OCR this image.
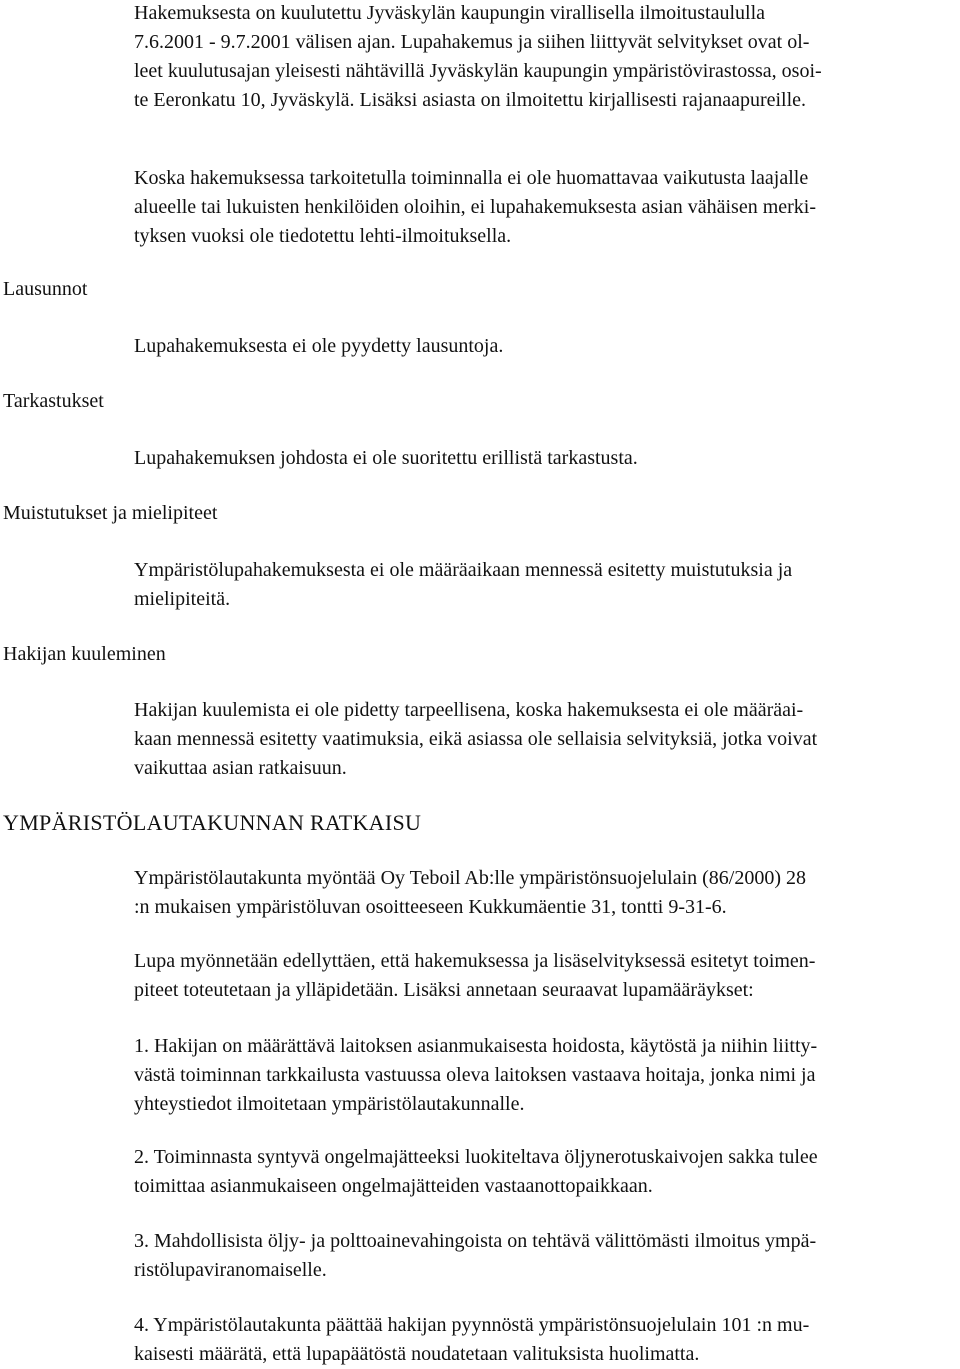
Hakemuksesta on kuulutettu Jyväskylän kaupungin virallisella ilmoitustaululla
7.6.2001 - 9.7.2001 välisen ajan. Lupahakemus ja siihen liittyvät selvitykset ovat ol-
leet kuulutusajan yleisesti nähtävillä Jyväskylän kaupungin ympäristövirastossa, osoi-
te Eeronkatu 10, Jyväskylä. Lisäksi asiasta on ilmoitettu kirjallisesti rajanaapureille.

Koska hakemuksessa tarkoitetulla toiminnalla ei ole huomattavaa vaikutusta laajalle
alueelle tai lukuisten henkilöiden oloihin, ei lupahakemuksesta asian vähäisen merki-
tyksen vuoksi ole tiedotettu lehti-ilmoituksella.

Lausunnot

Lupahakemuksesta ei ole pyydetty lausuntoja.

Tarkastukset

Lupahakemuksen johdosta ei ole suoritettu erillistä tarkastusta.

Muistutukset ja mielipiteet

Ympäristölupahakemuksesta ei ole määräaikaan mennessä esitetty muistutuksia ja
mielipiteitä.

Hakijan kuuleminen

Hakijan kuulemista ei ole pidetty tarpeellisena, koska hakemuksesta ei ole määräai-
kaan mennessä esitetty vaatimuksia, eikä asiassa ole sellaisia selvityksiä, jotka voivat
vaikuttaa asian ratkaisuun.

YMPÄRISTÖLAUTAKUNNAN RATKAISU

Ympäristölautakunta myöntää Oy Teboil Ab:lle ympäristönsuojelulain (86/2000) 28
:n mukaisen ympäristöluvan osoitteeseen Kukkumäentie 31, tontti 9-31-6.

Lupa myönnetään edellyttäen, että hakemuksessa ja lisäselvityksessä esitetyt toimen-
piteet toteutetaan ja ylläpidetään. Lisäksi annetaan seuraavat lupamääräykset:

1. Hakijan on määrättävä laitoksen asianmukaisesta hoidosta, käytöstä ja niihin liitty-
västä toiminnan tarkkailusta vastuussa oleva laitoksen vastaava hoitaja, jonka nimi ja
yhteystiedot ilmoitetaan ympäristölautakunnalle.

2. Toiminnasta syntyvä ongelmajätteeksi luokiteltava öljynerotuskaivojen sakka tulee
toimittaa asianmukaiseen ongelmajätteiden vastaanottopaikkaan.

3. Mahdollisista öljy- ja polttoainevahingoista on tehtävä välittömästi ilmoitus ympä-
ristölupaviranomaiselle.

4. Ympäristölautakunta päättää hakijan pyynnöstä ympäristönsuojelulain 101 :n mu-
kaisesti määrätä, että lupapäätöstä noudatetaan valituksista huolimatta.
